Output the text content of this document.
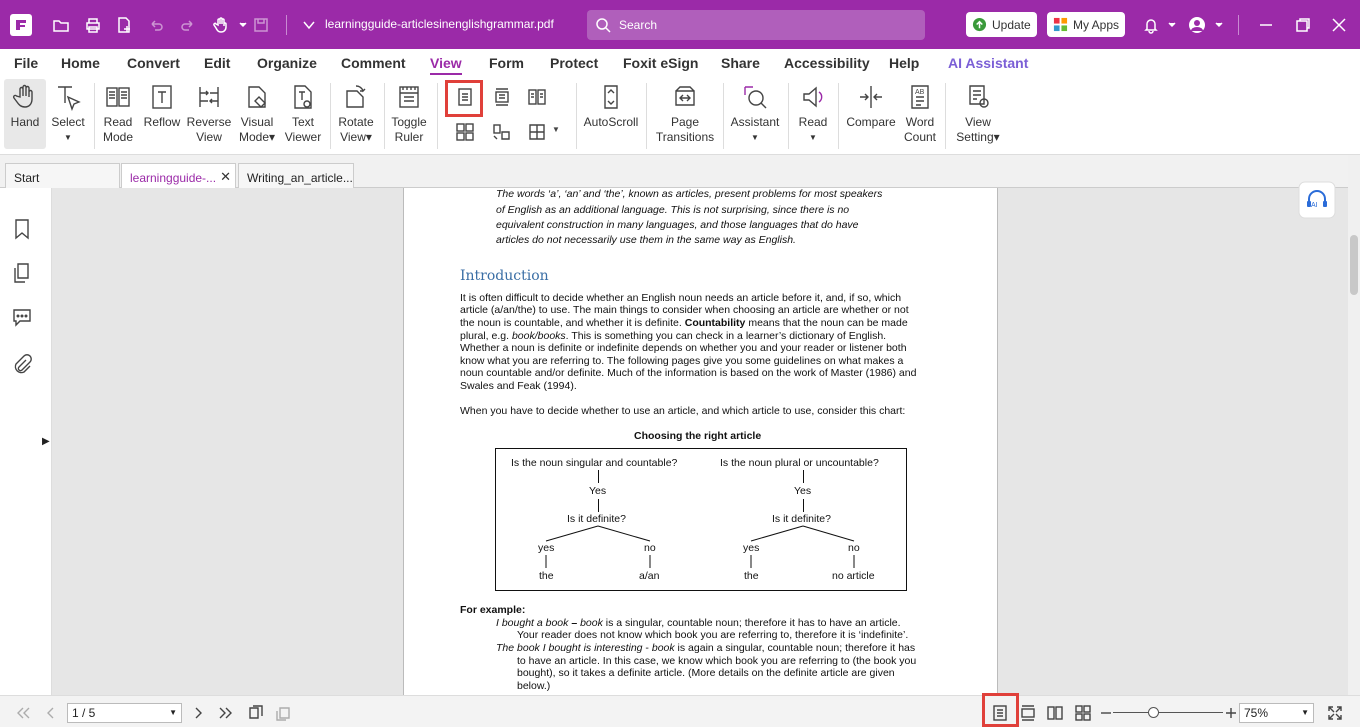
learningguide-articlesinenglishgrammar.pdf	Search	Update	My Apps
File Home Convert Edit Organize Comment View Form Protect Foxit eSign Share Accessibility Help AI Assistant
Hand Select
▼
Read
Mode
Reflow Reverse
View
Visual
Mode▾
Text
Viewer
Rotate
View▾
Toggle
Ruler
▼
AutoScroll	Page
Transitions
Assistant
▼
Read
▼
Compare
AB
Word
Count
View
Setting▾
Start	learningguide-... ✕	Writing_an_article...
▶
The words ‘a’, ‘an’ and ‘the’, known as articles, present problems for most speakers
of English as an additional language. This is not surprising, since there is no
equivalent construction in many languages, and those languages that do have
articles do not necessarily use them in the same way as English.
Introduction
It is often difficult to decide whether an English noun needs an article before it, and, if so, which
article (a/an/the) to use. The main things to consider when choosing an article are whether or not
the noun is countable, and whether it is definite. Countability means that the noun can be made
plural, e.g. book/books. This is something you can check in a learner’s dictionary of English.
Whether a noun is definite or indefinite depends on whether you and your reader or listener both
know what you are referring to. The following pages give you some guidelines on what makes a
noun countable and/or definite. Much of the information is based on the work of Master (1986) and
Swales and Feak (1994).
When you have to decide whether to use an article, and which article to use, consider this chart:
Choosing the right article
Is the noun singular and countable?	Is the noun plural or uncountable?
Yes	Yes
Is it definite?	Is it definite?
yes	no	yes	no
the	a/an	the	no article
For example:
I bought a book – book is a singular, countable noun; therefore it has to have an article.
Your reader does not know which book you are referring to, therefore it is ‘indefinite’.
The book I bought is interesting - book is again a singular, countable noun; therefore it has
to have an article. In this case, we know which book you are referring to (the book you
bought), so it takes a definite article. (More details on the definite article are given
below.)
AI
1 / 5	▼	75%	▼
